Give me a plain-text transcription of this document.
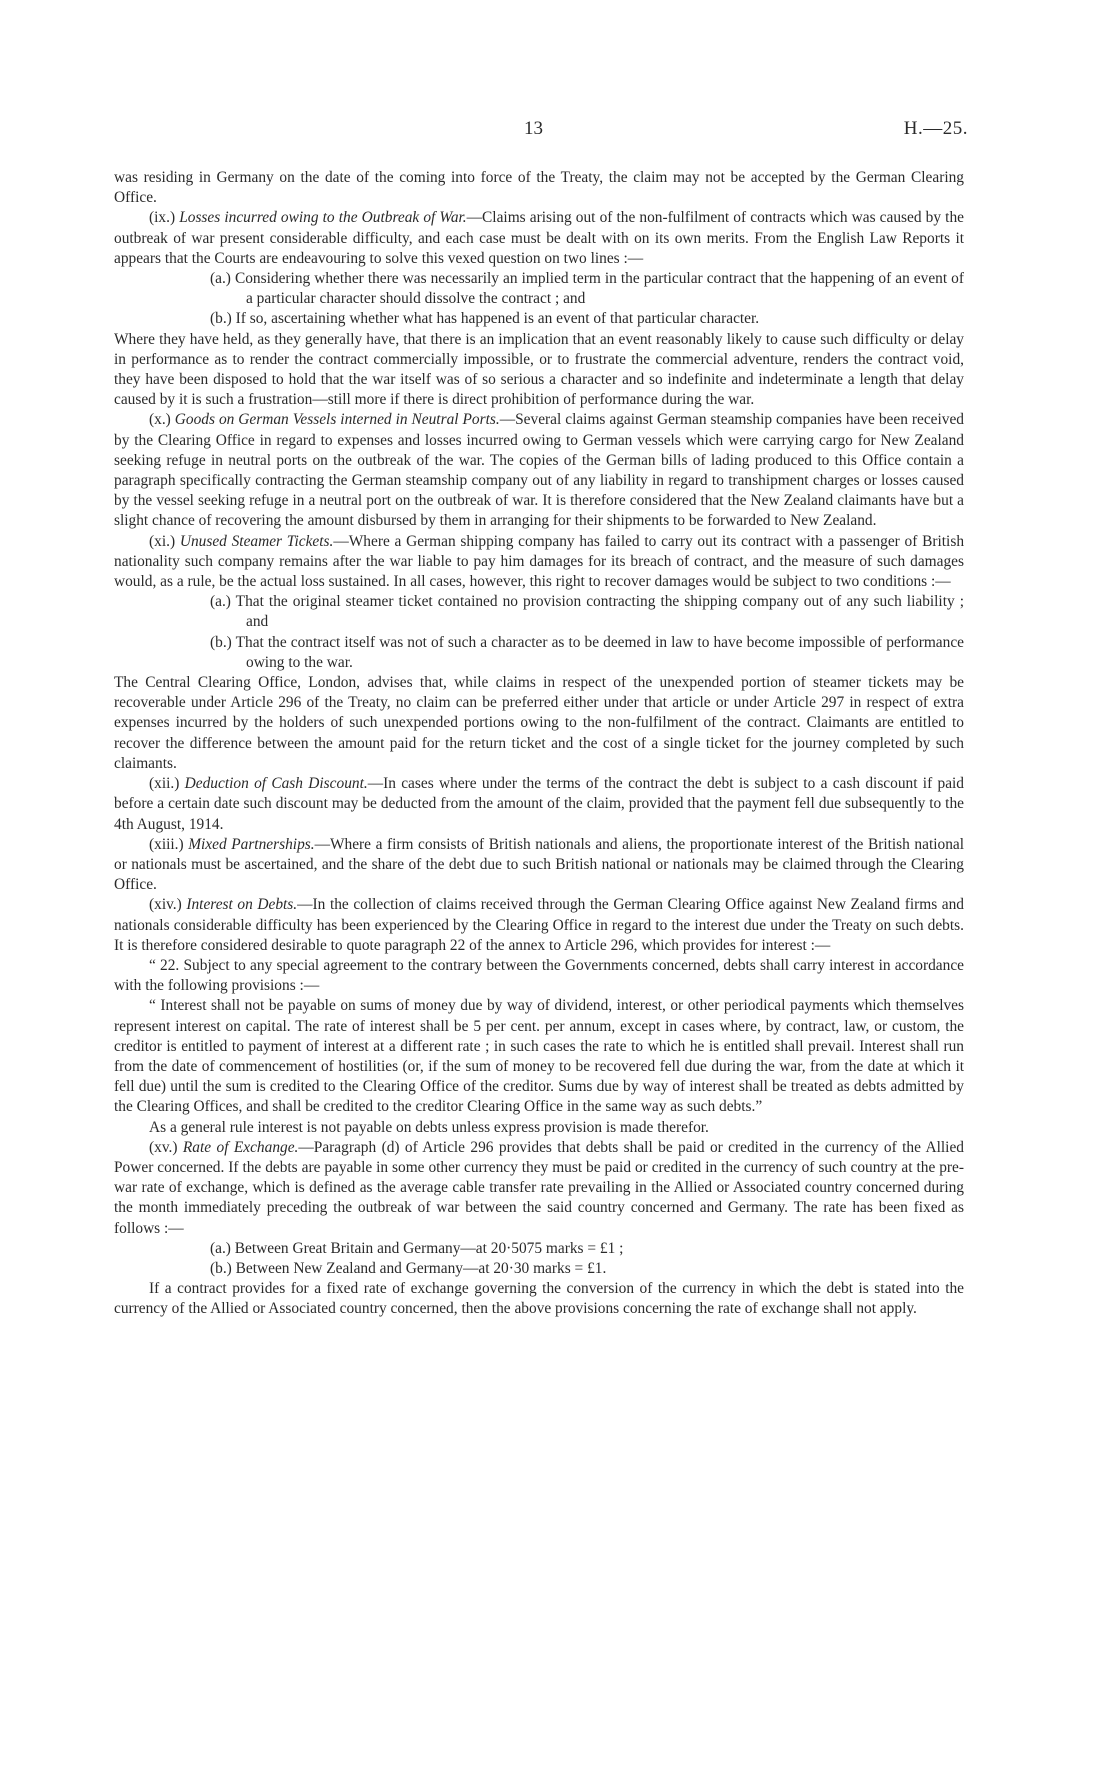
13	H.—25.

was residing in Germany on the date of the coming into force of the Treaty, the claim may not be accepted by the German Clearing Office.

(ix.) Losses incurred owing to the Outbreak of War.—Claims arising out of the non-fulfilment of contracts which was caused by the outbreak of war present considerable difficulty, and each case must be dealt with on its own merits. From the English Law Reports it appears that the Courts are endeavouring to solve this vexed question on two lines :—

(a.) Considering whether there was necessarily an implied term in the particular contract that the happening of an event of a particular character should dissolve the contract ; and

(b.) If so, ascertaining whether what has happened is an event of that particular character.

Where they have held, as they generally have, that there is an implication that an event reasonably likely to cause such difficulty or delay in performance as to render the contract commercially impossible, or to frustrate the commercial adventure, renders the contract void, they have been disposed to hold that the war itself was of so serious a character and so indefinite and indeterminate a length that delay caused by it is such a frustration—still more if there is direct prohibition of performance during the war.

(x.) Goods on German Vessels interned in Neutral Ports.—Several claims against German steamship companies have been received by the Clearing Office in regard to expenses and losses incurred owing to German vessels which were carrying cargo for New Zealand seeking refuge in neutral ports on the outbreak of the war. The copies of the German bills of lading produced to this Office contain a paragraph specifically contracting the German steamship company out of any liability in regard to transhipment charges or losses caused by the vessel seeking refuge in a neutral port on the outbreak of war. It is therefore considered that the New Zealand claimants have but a slight chance of recovering the amount disbursed by them in arranging for their shipments to be forwarded to New Zealand.

(xi.) Unused Steamer Tickets.—Where a German shipping company has failed to carry out its contract with a passenger of British nationality such company remains after the war liable to pay him damages for its breach of contract, and the measure of such damages would, as a rule, be the actual loss sustained. In all cases, however, this right to recover damages would be subject to two conditions :—

(a.) That the original steamer ticket contained no provision contracting the shipping company out of any such liability ; and

(b.) That the contract itself was not of such a character as to be deemed in law to have become impossible of performance owing to the war.

The Central Clearing Office, London, advises that, while claims in respect of the unexpended portion of steamer tickets may be recoverable under Article 296 of the Treaty, no claim can be preferred either under that article or under Article 297 in respect of extra expenses incurred by the holders of such unexpended portions owing to the non-fulfilment of the contract. Claimants are entitled to recover the difference between the amount paid for the return ticket and the cost of a single ticket for the journey completed by such claimants.

(xii.) Deduction of Cash Discount.—In cases where under the terms of the contract the debt is subject to a cash discount if paid before a certain date such discount may be deducted from the amount of the claim, provided that the payment fell due subsequently to the 4th August, 1914.

(xiii.) Mixed Partnerships.—Where a firm consists of British nationals and aliens, the proportionate interest of the British national or nationals must be ascertained, and the share of the debt due to such British national or nationals may be claimed through the Clearing Office.

(xiv.) Interest on Debts.—In the collection of claims received through the German Clearing Office against New Zealand firms and nationals considerable difficulty has been experienced by the Clearing Office in regard to the interest due under the Treaty on such debts. It is therefore considered desirable to quote paragraph 22 of the annex to Article 296, which provides for interest :—

“ 22. Subject to any special agreement to the contrary between the Governments concerned, debts shall carry interest in accordance with the following provisions :—

“ Interest shall not be payable on sums of money due by way of dividend, interest, or other periodical payments which themselves represent interest on capital. The rate of interest shall be 5 per cent. per annum, except in cases where, by contract, law, or custom, the creditor is entitled to payment of interest at a different rate ; in such cases the rate to which he is entitled shall prevail. Interest shall run from the date of commencement of hostilities (or, if the sum of money to be recovered fell due during the war, from the date at which it fell due) until the sum is credited to the Clearing Office of the creditor. Sums due by way of interest shall be treated as debts admitted by the Clearing Offices, and shall be credited to the creditor Clearing Office in the same way as such debts.”

As a general rule interest is not payable on debts unless express provision is made therefor.

(xv.) Rate of Exchange.—Paragraph (d) of Article 296 provides that debts shall be paid or credited in the currency of the Allied Power concerned. If the debts are payable in some other currency they must be paid or credited in the currency of such country at the pre-war rate of exchange, which is defined as the average cable transfer rate prevailing in the Allied or Associated country concerned during the month immediately preceding the outbreak of war between the said country concerned and Germany. The rate has been fixed as follows :—

(a.) Between Great Britain and Germany—at 20·5075 marks = £1 ;

(b.) Between New Zealand and Germany—at 20·30 marks = £1.

If a contract provides for a fixed rate of exchange governing the conversion of the currency in which the debt is stated into the currency of the Allied or Associated country concerned, then the above provisions concerning the rate of exchange shall not apply.
